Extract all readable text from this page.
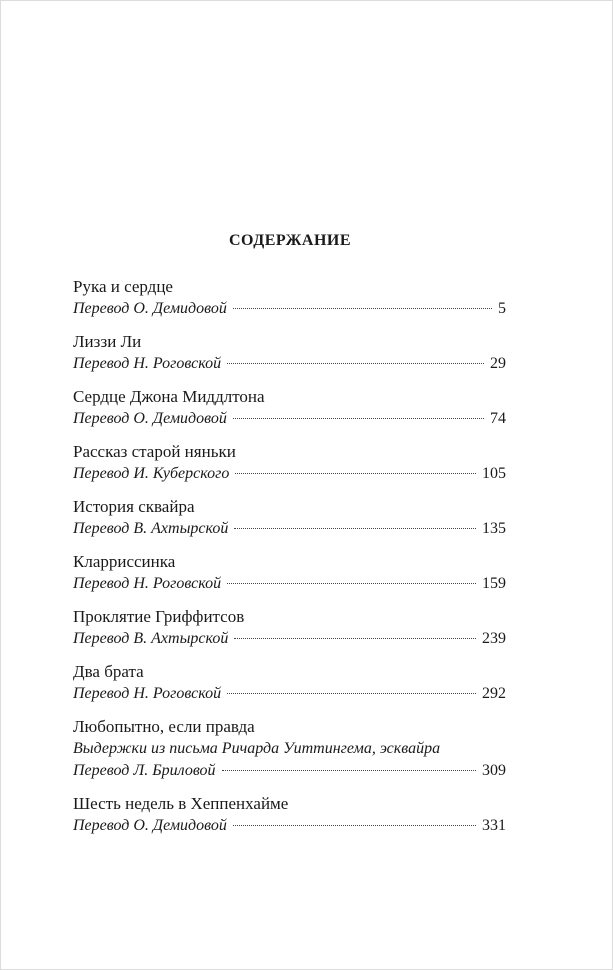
СОДЕРЖАНИЕ
Рука и сердце
Перевод О. Демидовой	5
Лиззи Ли
Перевод Н. Роговской	29
Сердце Джона Миддлтона
Перевод О. Демидовой	74
Рассказ старой няньки
Перевод И. Куберского	105
История сквайра
Перевод В. Ахтырской	135
Кларриссинка
Перевод Н. Роговской	159
Проклятие Гриффитсов
Перевод В. Ахтырской	239
Два брата
Перевод Н. Роговской	292
Любопытно, если правда
Выдержки из письма Ричарда Уиттингема, эсквайра
Перевод Л. Бриловой	309
Шесть недель в Хеппенхайме
Перевод О. Демидовой	331
